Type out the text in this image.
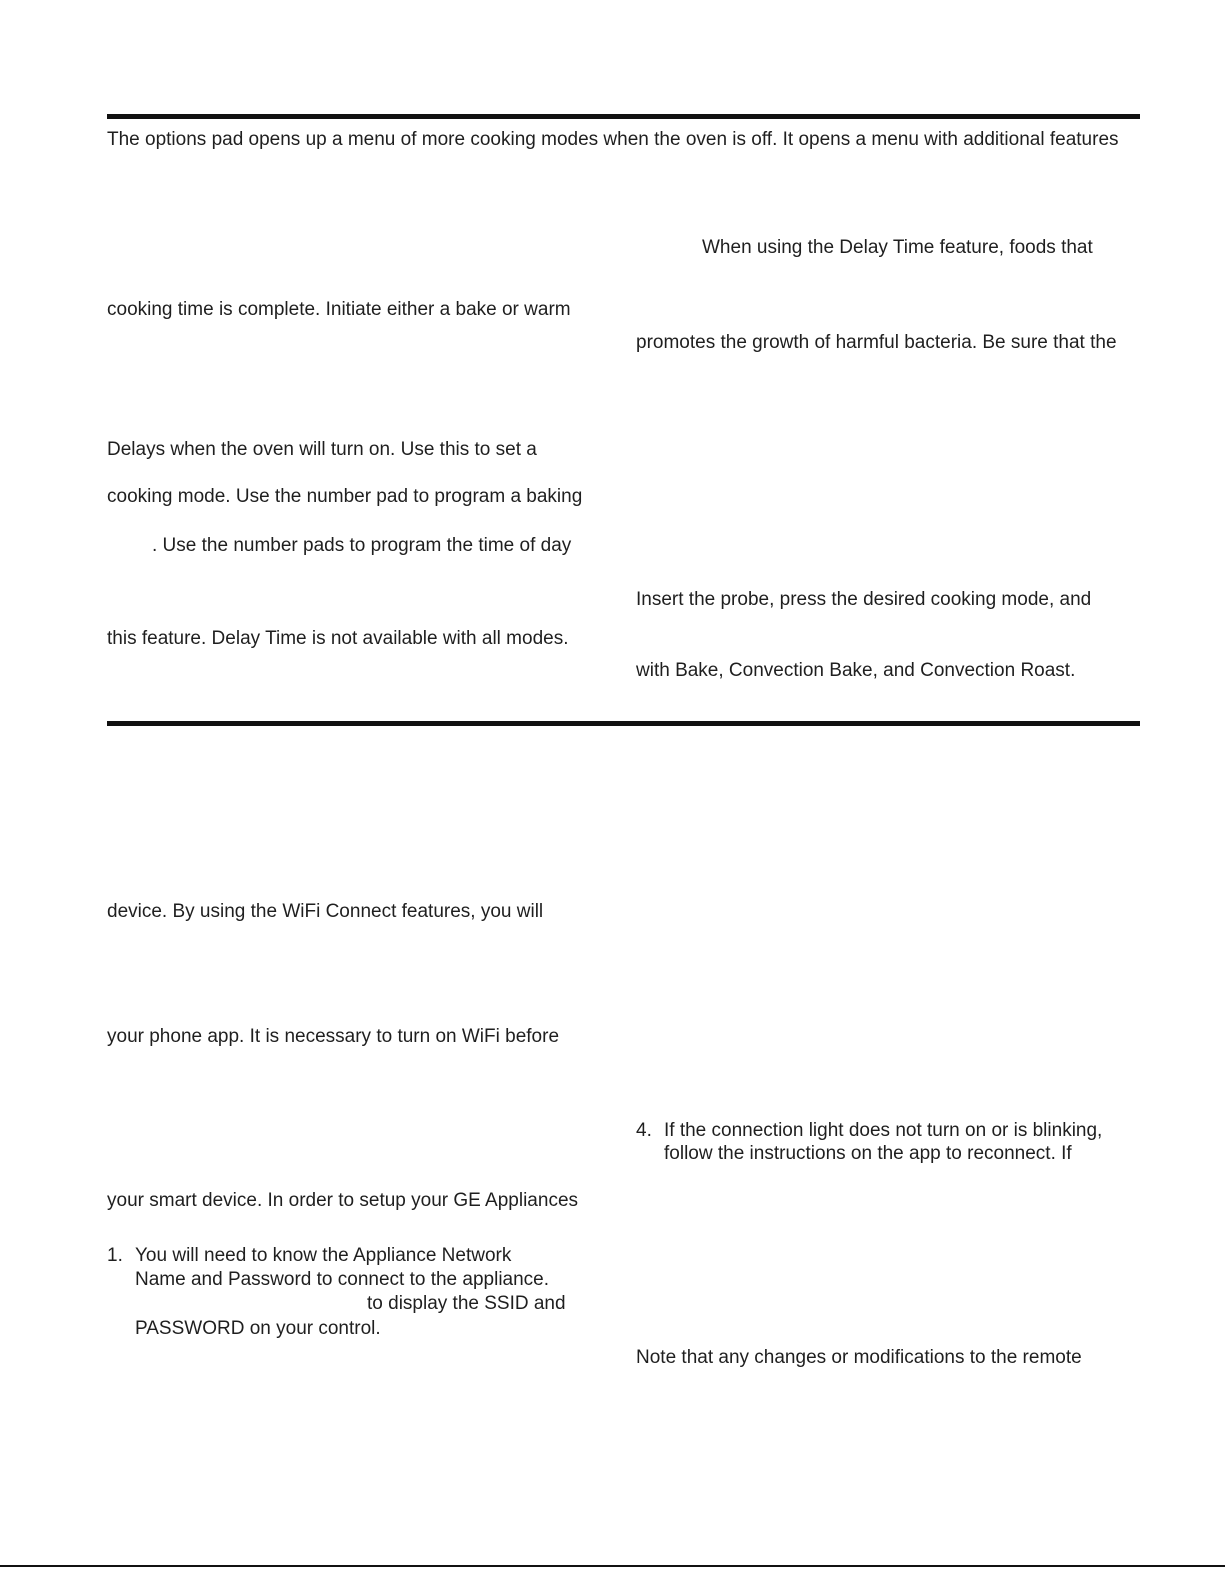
The options pad opens up a menu of more cooking modes when the oven is off. It opens a menu with additional features
cooking time is complete. Initiate either a bake or warm
Delays when the oven will turn on. Use this to set a
cooking mode. Use the number pad to program a baking
. Use the number pads to program the time of day
this feature. Delay Time is not available with all modes.
When using the Delay Time feature, foods that
promotes the growth of harmful bacteria. Be sure that the
Insert the probe, press the desired cooking mode, and
with Bake, Convection Bake, and Convection Roast.
device. By using the WiFi Connect features, you will
your phone app. It is necessary to turn on WiFi before
your smart device. In order to setup your GE Appliances
1. You will need to know the Appliance Network
Name and Password to connect to the appliance.
to display the SSID and
PASSWORD on your control.
4. If the connection light does not turn on or is blinking,
follow the instructions on the app to reconnect. If
Note that any changes or modifications to the remote
